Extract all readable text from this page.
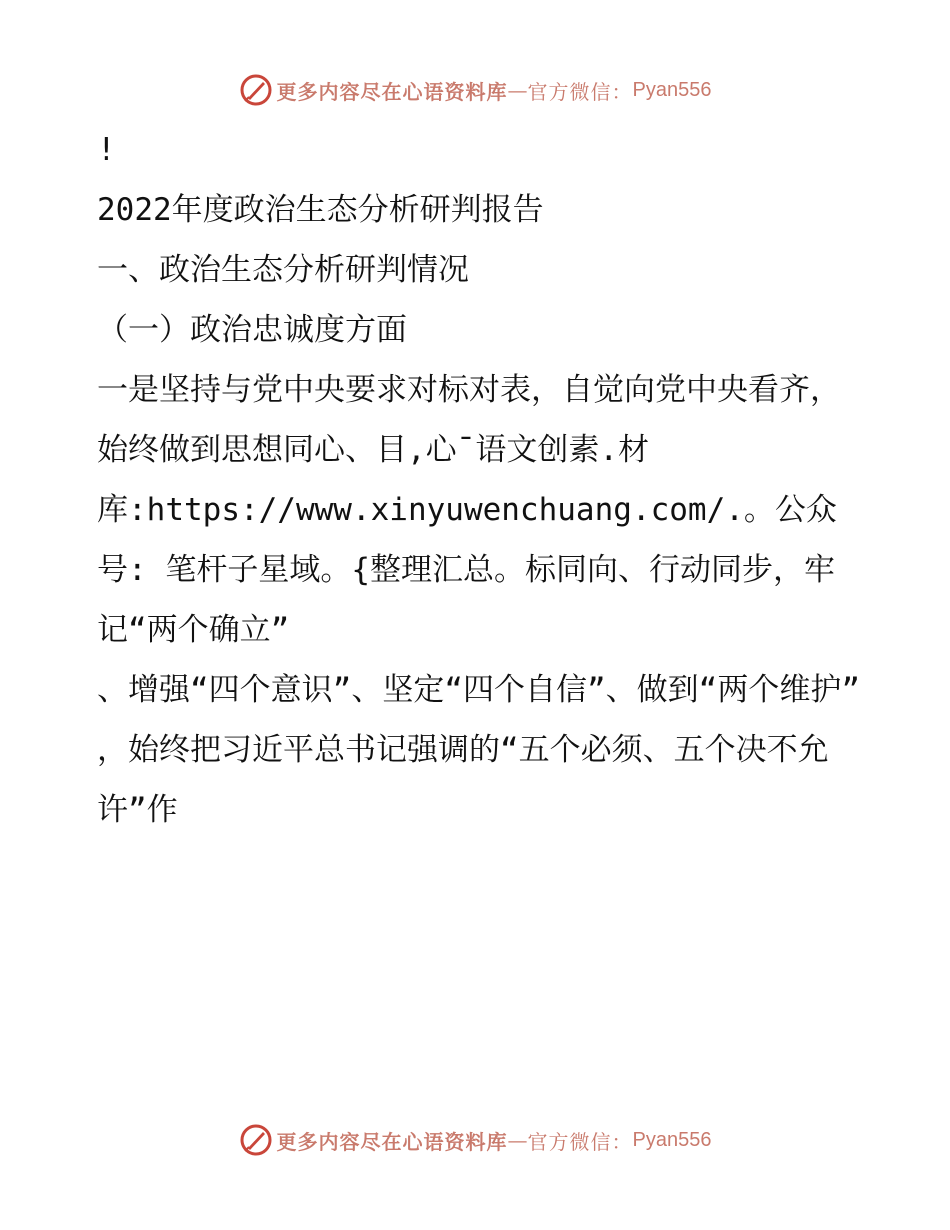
更多内容尽在心语资料库 — 官方微信： Pyan556

!

2022年度政治生态分析研判报告

一、政治生态分析研判情况

（一）政治忠诚度方面

一是坚持与党中央要求对标对表，自觉向党中央看齐，

始终做到思想同心、目,心¯语文创素.材库:https://www.xinyuwenchuang.com/.。公众号: 笔杆子星域。{整理汇总。标同向、行动同步，牢记“两个确立”

、增强“四个意识”、坚定“四个自信”、做到“两个维护”

，始终把习近平总书记强调的“五个必须、五个决不允许”作

更多内容尽在心语资料库 — 官方微信： Pyan556
